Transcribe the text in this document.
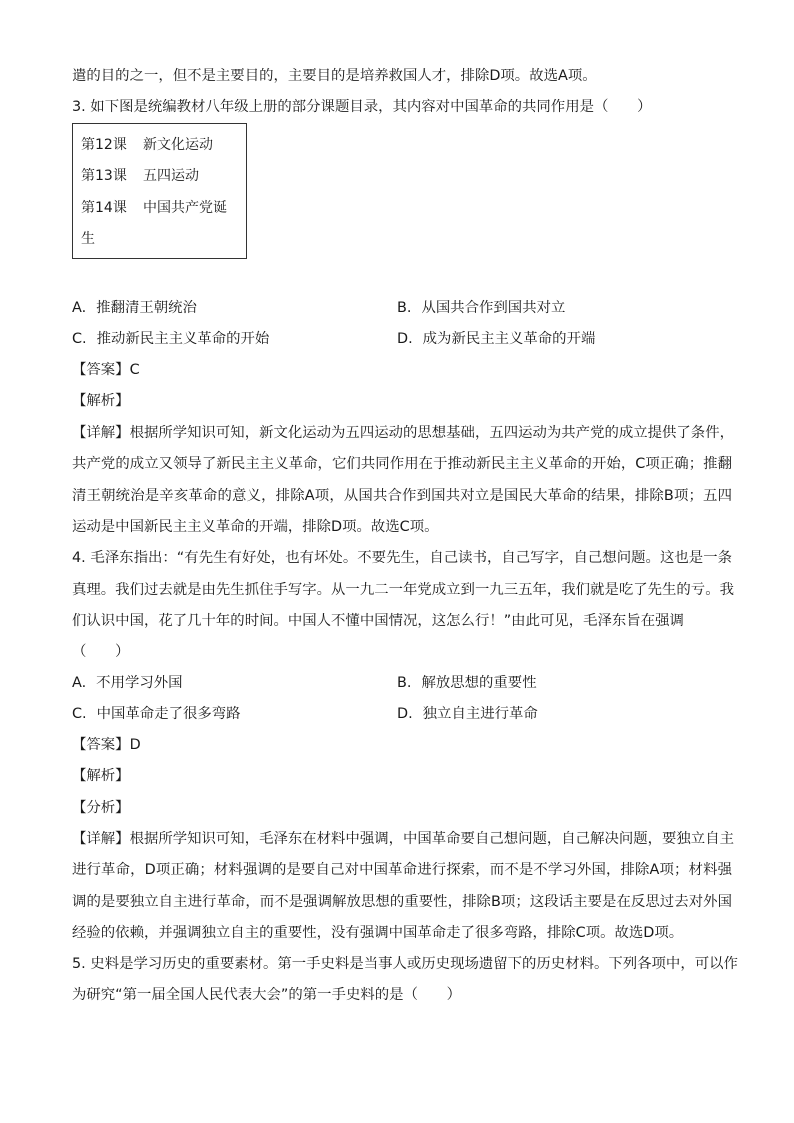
遣的目的之一，但不是主要目的，主要目的是培养救国人才，排除D项。故选A项。
3. 如下图是统编教材八年级上册的部分课题目录，其内容对中国革命的共同作用是（　　）
第12课 新文化运动
第13课 五四运动
第14课 中国共产党诞
生
A. 推翻清王朝统治	B. 从国共合作到国共对立
C. 推动新民主主义革命的开始	D. 成为新民主主义革命的开端
【答案】C
【解析】
【详解】根据所学知识可知，新文化运动为五四运动的思想基础，五四运动为共产党的成立提供了条件，
共产党的成立又领导了新民主主义革命，它们共同作用在于推动新民主主义革命的开始，C项正确；推翻
清王朝统治是辛亥革命的意义，排除A项，从国共合作到国共对立是国民大革命的结果，排除B项；五四
运动是中国新民主主义革命的开端，排除D项。故选C项。
4. 毛泽东指出：“有先生有好处，也有坏处。不要先生，自己读书，自己写字，自己想问题。这也是一条
真理。我们过去就是由先生抓住手写字。从一九二一年党成立到一九三五年，我们就是吃了先生的亏。我
们认识中国，花了几十年的时间。中国人不懂中国情况，这怎么行！”由此可见，毛泽东旨在强调
（　　）
A. 不用学习外国	B. 解放思想的重要性
C. 中国革命走了很多弯路	D. 独立自主进行革命
【答案】D
【解析】
【分析】
【详解】根据所学知识可知，毛泽东在材料中强调，中国革命要自己想问题，自己解决问题，要独立自主
进行革命，D项正确；材料强调的是要自己对中国革命进行探索，而不是不学习外国，排除A项；材料强
调的是要独立自主进行革命，而不是强调解放思想的重要性，排除B项；这段话主要是在反思过去对外国
经验的依赖，并强调独立自主的重要性，没有强调中国革命走了很多弯路，排除C项。故选D项。
5. 史料是学习历史的重要素材。第一手史料是当事人或历史现场遗留下的历史材料。下列各项中，可以作
为研究“第一届全国人民代表大会”的第一手史料的是（　　）
